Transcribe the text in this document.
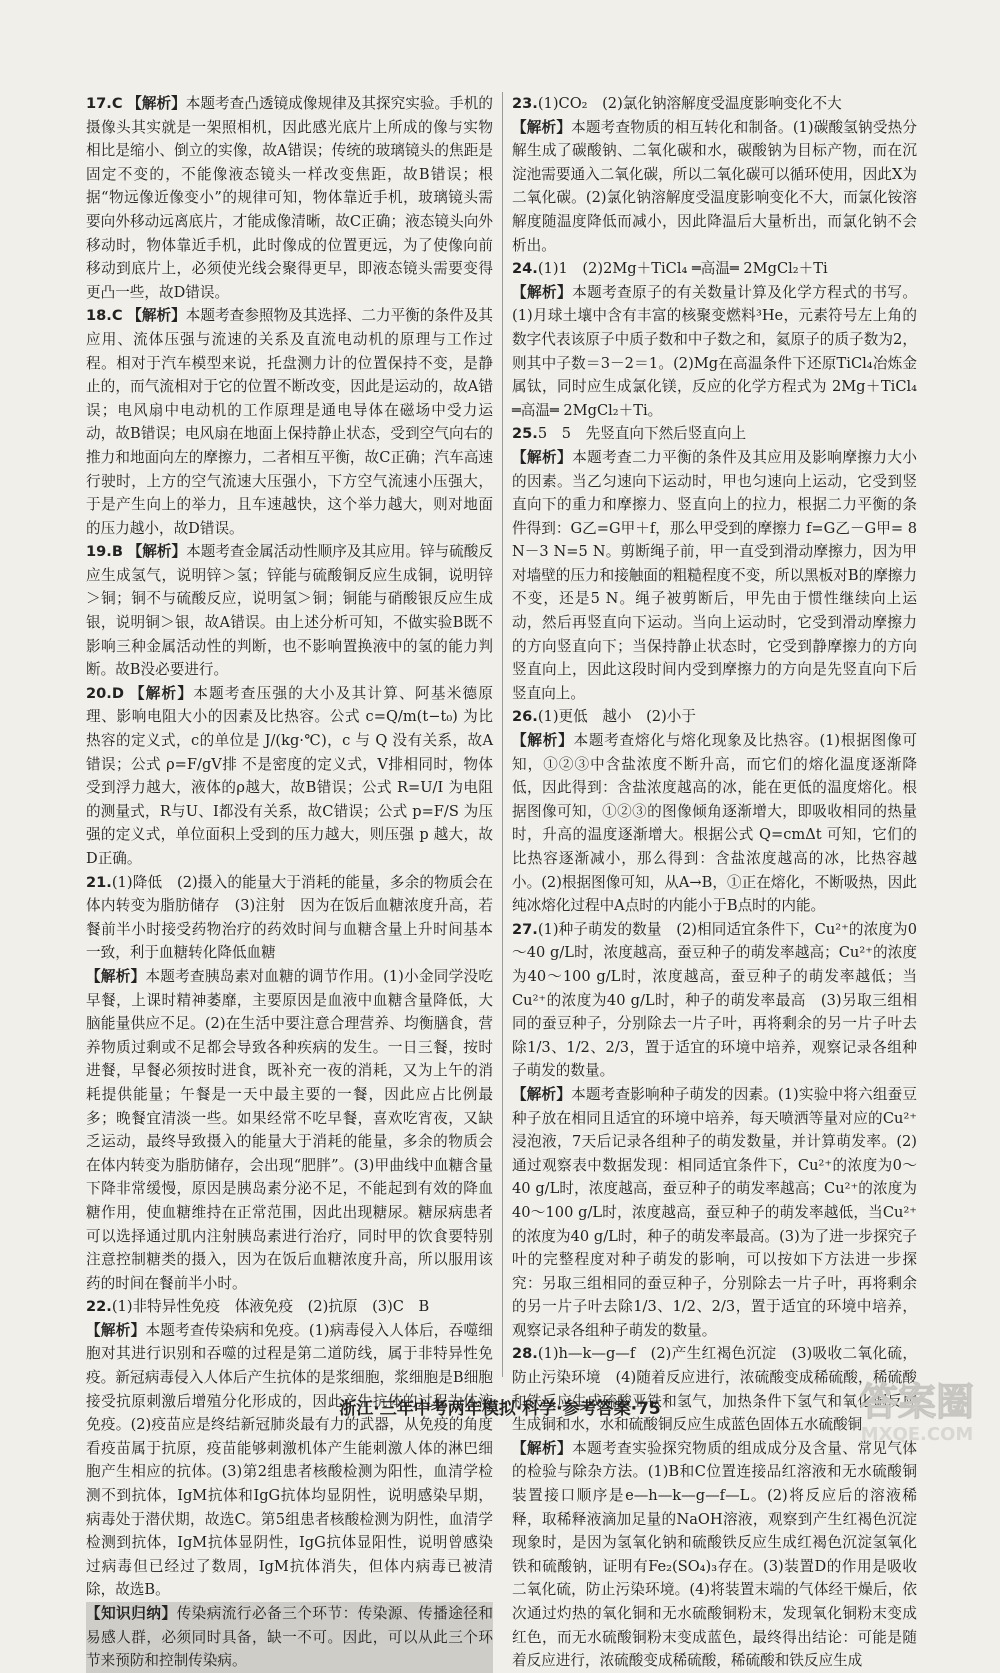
17.C 【解析】本题考查凸透镜成像规律及其探究实验。手机的摄像头其实就是一架照相机，因此感光底片上所成的像与实物相比是缩小、倒立的实像，故A错误；传统的玻璃镜头的焦距是固定不变的，不能像液态镜头一样改变焦距，故B错误；根据“物远像近像变小”的规律可知，物体靠近手机，玻璃镜头需要向外移动远离底片，才能成像清晰，故C正确；液态镜头向外移动时，物体靠近手机，此时像成的位置更远，为了使像向前移动到底片上，必须使光线会聚得更早，即液态镜头需要变得更凸一些，故D错误。

18.C 【解析】本题考查参照物及其选择、二力平衡的条件及其应用、流体压强与流速的关系及直流电动机的原理与工作过程。相对于汽车模型来说，托盘测力计的位置保持不变，是静止的，而气流相对于它的位置不断改变，因此是运动的，故A错误；电风扇中电动机的工作原理是通电导体在磁场中受力运动，故B错误；电风扇在地面上保持静止状态，受到空气向右的推力和地面向左的摩擦力，二者相互平衡，故C正确；汽车高速行驶时，上方的空气流速大压强小，下方空气流速小压强大，于是产生向上的举力，且车速越快，这个举力越大，则对地面的压力越小，故D错误。

19.B 【解析】本题考查金属活动性顺序及其应用。锌与硫酸反应生成氢气，说明锌＞氢；锌能与硫酸铜反应生成铜，说明锌＞铜；铜不与硫酸反应，说明氢＞铜；铜能与硝酸银反应生成银，说明铜＞银，故A错误。由上述分析可知，不做实验B既不影响三种金属活动性的判断，也不影响置换液中的氢的能力判断。故B没必要进行。

20.D 【解析】本题考查压强的大小及其计算、阿基米德原理、影响电阻大小的因素及比热容。公式 c=Q/m(t−t₀) 为比热容的定义式，c的单位是 J/(kg·℃)，c 与 Q 没有关系，故A错误；公式 ρ=F/gV排 不是密度的定义式，V排相同时，物体受到浮力越大，液体的ρ越大，故B错误；公式 R=U/I 为电阻的测量式，R与U、I都没有关系，故C错误；公式 p=F/S 为压强的定义式，单位面积上受到的压力越大，则压强 p 越大，故D正确。

21.(1)降低　(2)摄入的能量大于消耗的能量，多余的物质会在体内转变为脂肪储存　(3)注射　因为在饭后血糖浓度升高，若餐前半小时接受药物治疗的药效时间与血糖含量上升时间基本一致，利于血糖转化降低血糖

【解析】本题考查胰岛素对血糖的调节作用。(1)小金同学没吃早餐，上课时精神萎靡，主要原因是血液中血糖含量降低，大脑能量供应不足。(2)在生活中要注意合理营养、均衡膳食，营养物质过剩或不足都会导致各种疾病的发生。一日三餐，按时进餐，早餐必须按时进食，既补充一夜的消耗，又为上午的消耗提供能量；午餐是一天中最主要的一餐，因此应占比例最多；晚餐宜清淡一些。如果经常不吃早餐，喜欢吃宵夜，又缺乏运动，最终导致摄入的能量大于消耗的能量，多余的物质会在体内转变为脂肪储存，会出现“肥胖”。(3)甲曲线中血糖含量下降非常缓慢，原因是胰岛素分泌不足，不能起到有效的降血糖作用，使血糖维持在正常范围，因此出现糖尿。糖尿病患者可以选择通过肌内注射胰岛素进行治疗，同时甲的饮食要特别注意控制糖类的摄入，因为在饭后血糖浓度升高，所以服用该药的时间在餐前半小时。

22.(1)非特异性免疫　体液免疫　(2)抗原　(3)C　B

【解析】本题考查传染病和免疫。(1)病毒侵入人体后，吞噬细胞对其进行识别和吞噬的过程是第二道防线，属于非特异性免疫。新冠病毒侵入人体后产生抗体的是浆细胞，浆细胞是B细胞接受抗原刺激后增殖分化形成的，因此产生抗体的过程为体液免疫。(2)疫苗应是终结新冠肺炎最有力的武器，从免疫的角度看疫苗属于抗原，疫苗能够刺激机体产生能刺激人体的淋巴细胞产生相应的抗体。(3)第2组患者核酸检测为阳性，血清学检测不到抗体，IgM抗体和IgG抗体均显阴性，说明感染早期，病毒处于潜伏期，故选C。第5组患者核酸检测为阴性，血清学检测到抗体，IgM抗体显阴性，IgG抗体显阳性，说明曾感染过病毒但已经过了数周，IgM抗体消失，但体内病毒已被清除，故选B。

【知识归纳】传染病流行必备三个环节：传染源、传播途径和易感人群，必须同时具备，缺一不可。因此，可以从此三个环节来预防和控制传染病。

23.(1)CO₂　(2)氯化钠溶解度受温度影响变化不大

【解析】本题考查物质的相互转化和制备。(1)碳酸氢钠受热分解生成了碳酸钠、二氧化碳和水，碳酸钠为目标产物，而在沉淀池需要通入二氧化碳，所以二氧化碳可以循环使用，因此X为二氧化碳。(2)氯化钠溶解度受温度影响变化不大，而氯化铵溶解度随温度降低而减小，因此降温后大量析出，而氯化钠不会析出。

24.(1)1　(2)2Mg＋TiCl₄ ═高温═ 2MgCl₂＋Ti

【解析】本题考查原子的有关数量计算及化学方程式的书写。(1)月球土壤中含有丰富的核聚变燃料³He，元素符号左上角的数字代表该原子中质子数和中子数之和，氦原子的质子数为2，则其中子数＝3－2＝1。(2)Mg在高温条件下还原TiCl₄冶炼金属钛，同时应生成氯化镁，反应的化学方程式为 2Mg＋TiCl₄ ═高温═ 2MgCl₂＋Ti。

25.5　5　先竖直向下然后竖直向上

【解析】本题考查二力平衡的条件及其应用及影响摩擦力大小的因素。当乙匀速向下运动时，甲也匀速向上运动，它受到竖直向下的重力和摩擦力、竖直向上的拉力，根据二力平衡的条件得到：G乙=G甲＋f，那么甲受到的摩擦力 f=G乙－G甲= 8 N－3 N=5 N。剪断绳子前，甲一直受到滑动摩擦力，因为甲对墙壁的压力和接触面的粗糙程度不变，所以黑板对B的摩擦力不变，还是5 N。绳子被剪断后，甲先由于惯性继续向上运动，然后再竖直向下运动。当向上运动时，它受到滑动摩擦力的方向竖直向下；当保持静止状态时，它受到静摩擦力的方向竖直向上，因此这段时间内受到摩擦力的方向是先竖直向下后竖直向上。

26.(1)更低　越小　(2)小于

【解析】本题考查熔化与熔化现象及比热容。(1)根据图像可知，①②③中含盐浓度不断升高，而它们的熔化温度逐渐降低，因此得到：含盐浓度越高的冰，能在更低的温度熔化。根据图像可知，①②③的图像倾角逐渐增大，即吸收相同的热量时，升高的温度逐渐增大。根据公式 Q=cmΔt 可知，它们的比热容逐渐减小，那么得到：含盐浓度越高的冰，比热容越小。(2)根据图像可知，从A→B，①正在熔化，不断吸热，因此纯冰熔化过程中A点时的内能小于B点时的内能。

27.(1)种子萌发的数量　(2)相同适宜条件下，Cu²⁺的浓度为0～40 g/L时，浓度越高，蚕豆种子的萌发率越高；Cu²⁺的浓度为40～100 g/L时，浓度越高，蚕豆种子的萌发率越低；当Cu²⁺的浓度为40 g/L时，种子的萌发率最高　(3)另取三组相同的蚕豆种子，分别除去一片子叶，再将剩余的另一片子叶去除1/3、1/2、2/3，置于适宜的环境中培养，观察记录各组种子萌发的数量。

【解析】本题考查影响种子萌发的因素。(1)实验中将六组蚕豆种子放在相同且适宜的环境中培养，每天喷洒等量对应的Cu²⁺浸泡液，7天后记录各组种子的萌发数量，并计算萌发率。(2)通过观察表中数据发现：相同适宜条件下，Cu²⁺的浓度为0～40 g/L时，浓度越高，蚕豆种子的萌发率越高；Cu²⁺的浓度为40～100 g/L时，浓度越高，蚕豆种子的萌发率越低，当Cu²⁺的浓度为40 g/L时，种子的萌发率最高。(3)为了进一步探究子叶的完整程度对种子萌发的影响，可以按如下方法进一步探究：另取三组相同的蚕豆种子，分别除去一片子叶，再将剩余的另一片子叶去除1/3、1/2、2/3，置于适宜的环境中培养，观察记录各组种子萌发的数量。

28.(1)h—k—g—f　(2)产生红褐色沉淀　(3)吸收二氧化硫，防止污染环境　(4)随着反应进行，浓硫酸变成稀硫酸，稀硫酸和铁反应生成硫酸亚铁和氢气，加热条件下氢气和氧化铜反应生成铜和水，水和硫酸铜反应生成蓝色固体五水硫酸铜

【解析】本题考查实验探究物质的组成成分及含量、常见气体的检验与除杂方法。(1)B和C位置连接品红溶液和无水硫酸铜装置接口顺序是e—h—k—g—f—L。(2)将反应后的溶液稀释，取稀释液滴加足量的NaOH溶液，观察到产生红褐色沉淀现象时，是因为氢氧化钠和硫酸铁反应生成红褐色沉淀氢氧化铁和硫酸钠，证明有Fe₂(SO₄)₃存在。(3)装置D的作用是吸收二氧化硫，防止污染环境。(4)将装置末端的气体经干燥后，依次通过灼热的氧化铜和无水硫酸铜粉末，发现氧化铜粉末变成红色，而无水硫酸铜粉末变成蓝色，最终得出结论：可能是随着反应进行，浓硫酸变成稀硫酸，稀硫酸和铁反应生成

浙江·三年中考两年模拟·科学·参考答案·75	答案圈
MXQE.COM
